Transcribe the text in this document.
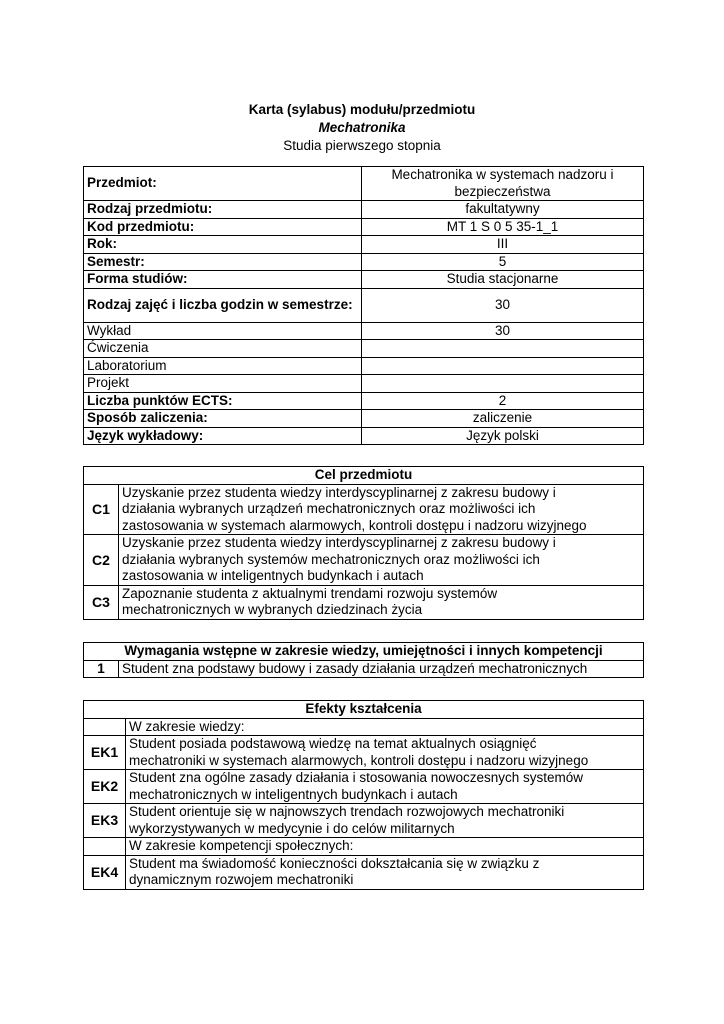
Karta (sylabus) modułu/przedmiotu
Mechatronika
Studia pierwszego stopnia
Przedmiot:	Mechatronika w systemach nadzoru i bezpieczeństwa
Rodzaj przedmiotu:	fakultatywny
Kod przedmiotu:	MT 1 S 0 5 35-1_1
Rok:	III
Semestr:	5
Forma studiów:	Studia stacjonarne
Rodzaj zajęć i liczba godzin w semestrze:	30
Wykład	30
Ćwiczenia	
Laboratorium	
Projekt	
Liczba punktów ECTS:	2
Sposób zaliczenia:	zaliczenie
Język wykładowy:	Język polski
Cel przedmiotu	
C1	Uzyskanie przez studenta wiedzy interdyscyplinarnej z zakresu budowy i
działania wybranych urządzeń mechatronicznych oraz możliwości ich
zastosowania w systemach alarmowych, kontroli dostępu i nadzoru wizyjnego

C2	Uzyskanie przez studenta wiedzy interdyscyplinarnej z zakresu budowy i
działania wybranych systemów mechatronicznych oraz możliwości ich
zastosowania w inteligentnych budynkach i autach

C3	Zapoznanie studenta z aktualnymi trendami rozwoju systemów
mechatronicznych w wybranych dziedzinach życia
Wymagania wstępne w zakresie wiedzy, umiejętności i innych kompetencji
1	Student zna podstawy budowy i zasady działania urządzeń mechatronicznych
Efekty kształcenia	
	W zakresie wiedzy:
EK1	Student posiada podstawową wiedzę na temat aktualnych osiągnięć
mechatroniki w systemach alarmowych, kontroli dostępu i nadzoru wizyjnego

EK2	Student zna ogólne zasady działania i stosowania nowoczesnych systemów
mechatronicznych w inteligentnych budynkach i autach

EK3	Student orientuje się w najnowszych trendach rozwojowych mechatroniki
wykorzystywanych w medycynie i do celów militarnych

	W zakresie kompetencji społecznych:
EK4	Student ma świadomość konieczności dokształcania się w związku z
dynamicznym rozwojem mechatroniki
